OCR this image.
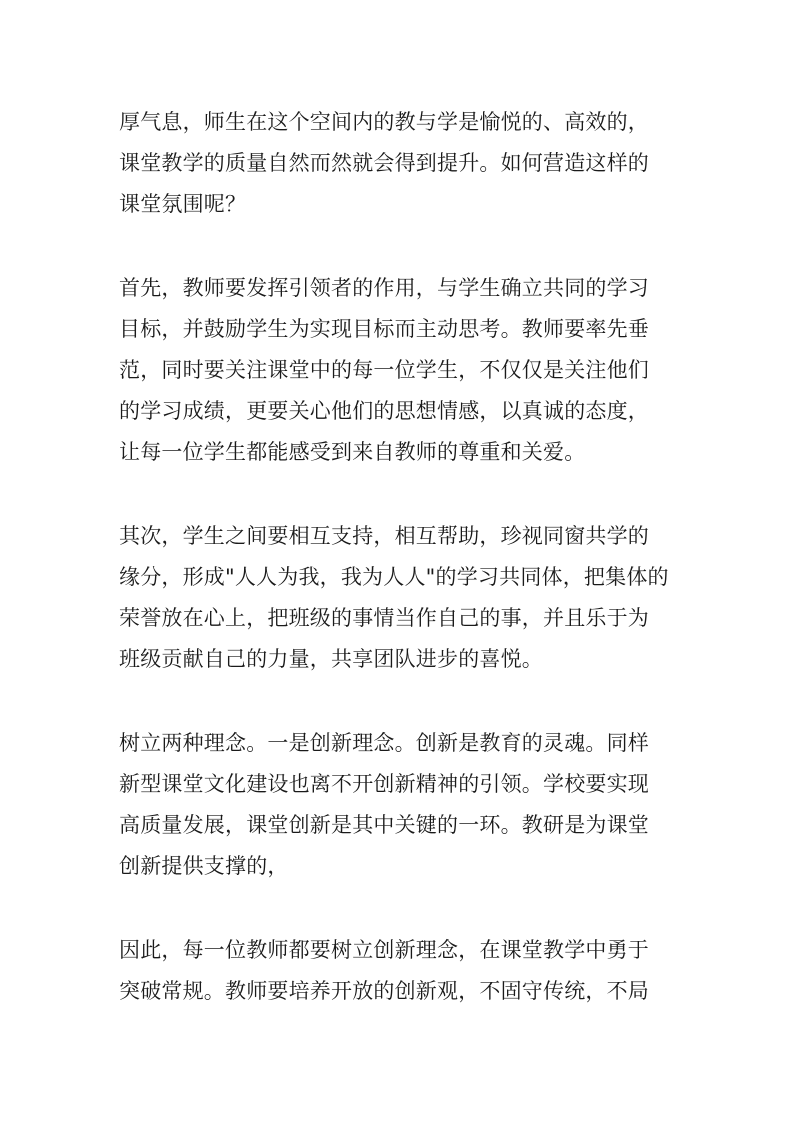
厚气息，师生在这个空间内的教与学是愉悦的、高效的，
课堂教学的质量自然而然就会得到提升。如何营造这样的
课堂氛围呢？
首先，教师要发挥引领者的作用，与学生确立共同的学习
目标，并鼓励学生为实现目标而主动思考。教师要率先垂
范，同时要关注课堂中的每一位学生，不仅仅是关注他们
的学习成绩，更要关心他们的思想情感，以真诚的态度，
让每一位学生都能感受到来自教师的尊重和关爱。
其次，学生之间要相互支持，相互帮助，珍视同窗共学的
缘分，形成"人人为我，我为人人"的学习共同体，把集体的
荣誉放在心上，把班级的事情当作自己的事，并且乐于为
班级贡献自己的力量，共享团队进步的喜悦。
树立两种理念。一是创新理念。创新是教育的灵魂。同样
新型课堂文化建设也离不开创新精神的引领。学校要实现
高质量发展，课堂创新是其中关键的一环。教研是为课堂
创新提供支撑的，
因此，每一位教师都要树立创新理念，在课堂教学中勇于
突破常规。教师要培养开放的创新观，不固守传统，不局
